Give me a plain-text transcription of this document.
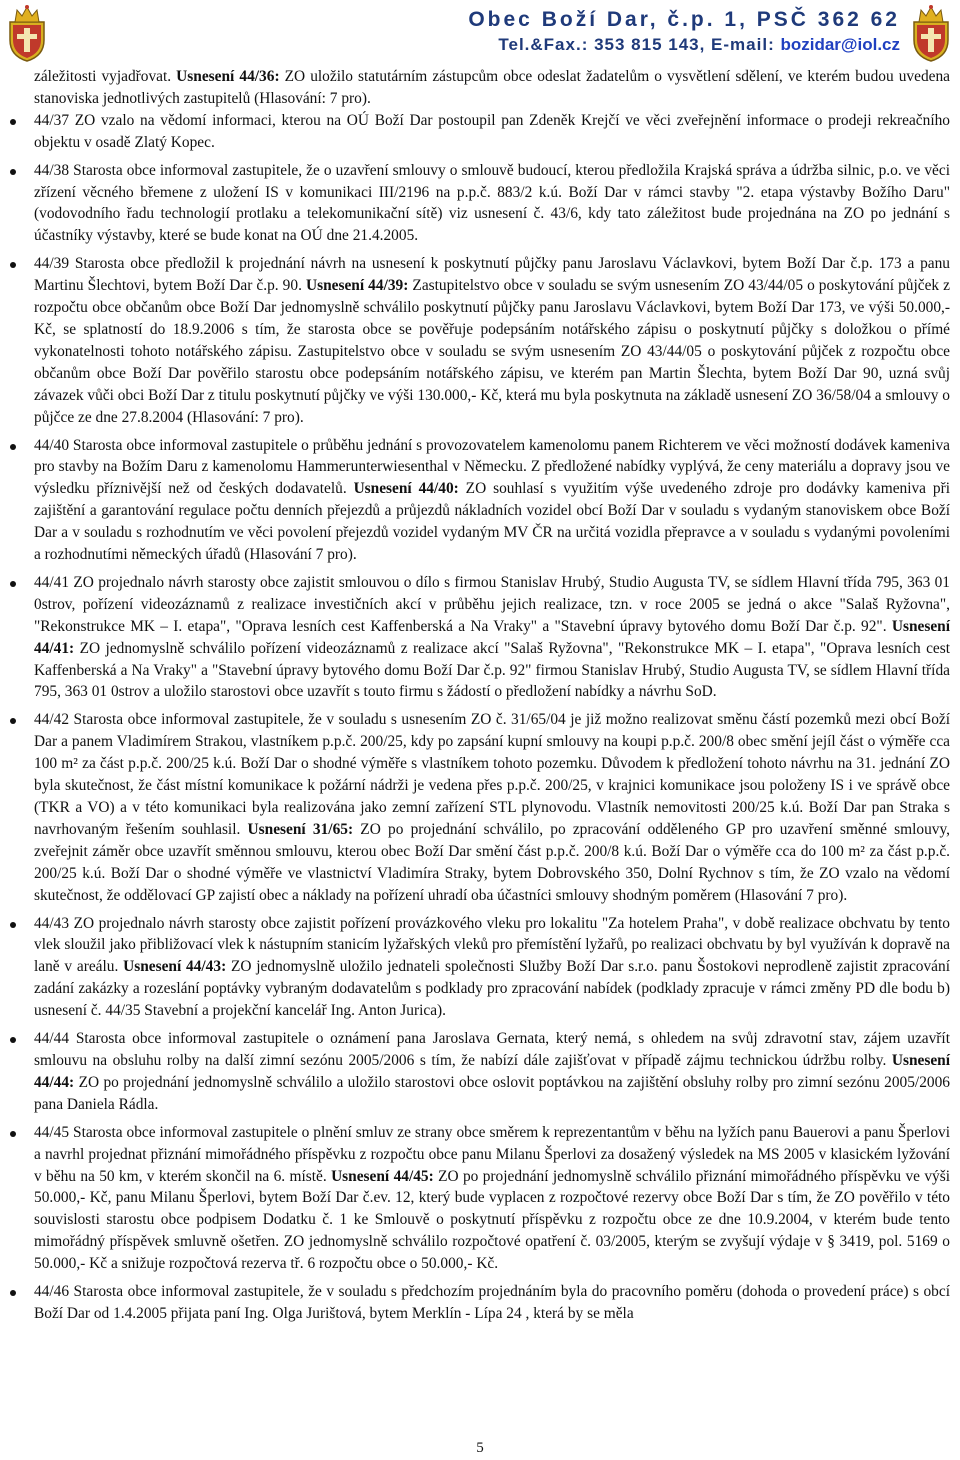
Obec Boží Dar, č.p. 1, PSČ 362 62
Tel.&Fax.: 353 815 143, E-mail: bozidar@iol.cz

záležitosti vyjadřovat. Usnesení 44/36: ZO uložilo statutárním zástupcům obce odeslat žadatelům o vysvětlení sdělení, ve kterém budou uvedena stanoviska jednotlivých zastupitelů (Hlasování: 7 pro).

44/37 ZO vzalo na vědomí informaci, kterou na OÚ Boží Dar postoupil pan Zdeněk Krejčí ve věci zveřejnění informace o prodeji rekreačního objektu v osadě Zlatý Kopec.
44/38 Starosta obce informoval zastupitele, že o uzavření smlouvy o smlouvě budoucí, kterou předložila Krajská správa a údržba silnic, p.o. ve věci zřízení věcného břemene z uložení IS v komunikaci III/2196 na p.p.č. 883/2 k.ú. Boží Dar v rámci stavby "2. etapa výstavby Božího Daru" (vodovodního řadu technologií protlaku a telekomunikační sítě) viz usnesení č. 43/6, kdy tato záležitost bude projednána na ZO po jednání s účastníky výstavby, které se bude konat na OÚ dne 21.4.2005.
44/39 Starosta obce předložil k projednání návrh na usnesení k poskytnutí půjčky panu Jaroslavu Václavkovi, bytem Boží Dar č.p. 173 a panu Martinu Šlechtovi, bytem Boží Dar č.p. 90. Usnesení 44/39: Zastupitelstvo obce v souladu se svým usnesením ZO 43/44/05 o poskytování půjček z rozpočtu obce občanům obce Boží Dar jednomyslně schválilo poskytnutí půjčky panu Jaroslavu Václavkovi, bytem Boží Dar 173, ve výši 50.000,- Kč, se splatností do 18.9.2006 s tím, že starosta obce se pověřuje podepsáním notářského zápisu o poskytnutí půjčky s doložkou o přímé vykonatelnosti tohoto notářského zápisu. Zastupitelstvo obce v souladu se svým usnesením ZO 43/44/05 o poskytování půjček z rozpočtu obce občanům obce Boží Dar pověřilo starostu obce podepsáním notářského zápisu, ve kterém pan Martin Šlechta, bytem Boží Dar 90, uzná svůj závazek vůči obci Boží Dar z titulu poskytnutí půjčky ve výši 130.000,- Kč, která mu byla poskytnuta na základě usnesení ZO 36/58/04 a smlouvy o půjčce ze dne 27.8.2004 (Hlasování: 7 pro).
44/40 Starosta obce informoval zastupitele o průběhu jednání s provozovatelem kamenolomu panem Richterem ve věci možností dodávek kameniva pro stavby na Božím Daru z kamenolomu Hammerunterwiesenthal v Německu. Z předložené nabídky vyplývá, že ceny materiálu a dopravy jsou ve výsledku příznivější než od českých dodavatelů. Usnesení 44/40: ZO souhlasí s využitím výše uvedeného zdroje pro dodávky kameniva při zajištění a garantování regulace počtu denních přejezdů a průjezdů nákladních vozidel obcí Boží Dar v souladu s vydaným stanoviskem obce Boží Dar a v souladu s rozhodnutím ve věci povolení přejezdů vozidel vydaným MV ČR na určitá vozidla přepravce a v souladu s vydanými povoleními a rozhodnutími německých úřadů (Hlasování 7 pro).
44/41 ZO projednalo návrh starosty obce zajistit smlouvou o dílo s firmou Stanislav Hrubý, Studio Augusta TV, se sídlem Hlavní třída 795, 363 01 0strov, pořízení videozáznamů z realizace investičních akcí v průběhu jejich realizace, tzn. v roce 2005 se jedná o akce "Salaš Ryžovna", "Rekonstrukce MK – I. etapa", "Oprava lesních cest Kaffenberská a Na Vraky" a "Stavební úpravy bytového domu Boží Dar č.p. 92". Usnesení 44/41: ZO jednomyslně schválilo pořízení videozáznamů z realizace akcí "Salaš Ryžovna", "Rekonstrukce MK – I. etapa", "Oprava lesních cest Kaffenberská a Na Vraky" a "Stavební úpravy bytového domu Boží Dar č.p. 92" firmou Stanislav Hrubý, Studio Augusta TV, se sídlem Hlavní třída 795, 363 01 0strov a uložilo starostovi obce uzavřít s touto firmu s žádostí o předložení nabídky a návrhu SoD.
44/42 Starosta obce informoval zastupitele, že v souladu s usnesením ZO č. 31/65/04 je již možno realizovat směnu částí pozemků mezi obcí Boží Dar a panem Vladimírem Strakou, vlastníkem p.p.č. 200/25, kdy po zapsání kupní smlouvy na koupi p.p.č. 200/8 obec smění jejíl část o výměře cca 100 m² za část p.p.č. 200/25 k.ú. Boží Dar o shodné výměře s vlastníkem tohoto pozemku. Důvodem k předložení tohoto návrhu na 31. jednání ZO byla skutečnost, že část místní komunikace k požární nádrži je vedena přes p.p.č. 200/25, v krajnici komunikace jsou položeny IS i ve správě obce (TKR a VO) a v této komunikaci byla realizována jako zemní zařízení STL plynovodu. Vlastník nemovitosti 200/25 k.ú. Boží Dar pan Straka s navrhovaným řešením souhlasil. Usnesení 31/65: ZO po projednání schválilo, po zpracování odděleného GP pro uzavření směnné smlouvy, zveřejnit záměr obce uzavřít směnnou smlouvu, kterou obec Boží Dar smění část p.p.č. 200/8 k.ú. Boží Dar o výměře cca do 100 m² za část p.p.č. 200/25 k.ú. Boží Dar o shodné výměře ve vlastnictví Vladimíra Straky, bytem Dobrovského 350, Dolní Rychnov s tím, že ZO vzalo na vědomí skutečnost, že oddělovací GP zajistí obec a náklady na pořízení uhradí oba účastníci smlouvy shodným poměrem (Hlasování 7 pro).
44/43 ZO projednalo návrh starosty obce zajistit pořízení provázkového vleku pro lokalitu "Za hotelem Praha", v době realizace obchvatu by tento vlek sloužil jako přibližovací vlek k nástupním stanicím lyžařských vleků pro přemístění lyžařů, po realizaci obchvatu by byl využíván k dopravě na laně v areálu. Usnesení 44/43: ZO jednomyslně uložilo jednateli společnosti Služby Boží Dar s.r.o. panu Šostokovi neprodleně zajistit zpracování zadání zakázky a rozeslání poptávky vybraným dodavatelům s podklady pro zpracování nabídek (podklady zpracuje v rámci změny PD dle bodu b) usnesení č. 44/35 Stavební a projekční kancelář Ing. Anton Jurica).
44/44 Starosta obce informoval zastupitele o oznámení pana Jaroslava Gernata, který nemá, s ohledem na svůj zdravotní stav, zájem uzavřít smlouvu na obsluhu rolby na další zimní sezónu 2005/2006 s tím, že nabízí dále zajišťovat v případě zájmu technickou údržbu rolby. Usnesení 44/44: ZO po projednání jednomyslně schválilo a uložilo starostovi obce oslovit poptávkou na zajištění obsluhy rolby pro zimní sezónu 2005/2006 pana Daniela Rádla.
44/45 Starosta obce informoval zastupitele o plnění smluv ze strany obce směrem k reprezentantům v běhu na lyžích panu Bauerovi a panu Šperlovi a navrhl projednat přiznání mimořádného příspěvku z rozpočtu obce panu Milanu Šperlovi za dosažený výsledek na MS 2005 v klasickém lyžování v běhu na 50 km, v kterém skončil na 6. místě. Usnesení 44/45: ZO po projednání jednomyslně schválilo přiznání mimořádného příspěvku ve výši 50.000,- Kč, panu Milanu Šperlovi, bytem Boží Dar č.ev. 12, který bude vyplacen z rozpočtové rezervy obce Boží Dar s tím, že ZO pověřilo v této souvislosti starostu obce podpisem Dodatku č. 1 ke Smlouvě o poskytnutí příspěvku z rozpočtu obce ze dne 10.9.2004, v kterém bude tento mimořádný příspěvek smluvně ošetřen. ZO jednomyslně schválilo rozpočtové opatření č. 03/2005, kterým se zvyšují výdaje v § 3419, pol. 5169 o 50.000,- Kč a snižuje rozpočtová rezerva tř. 6 rozpočtu obce o 50.000,- Kč.
44/46 Starosta obce informoval zastupitele, že v souladu s předchozím projednáním byla do pracovního poměru (dohoda o provedení práce) s obcí Boží Dar od 1.4.2005 přijata paní Ing. Olga Jurištová, bytem Merklín - Lípa 24 , která by se měla
5
